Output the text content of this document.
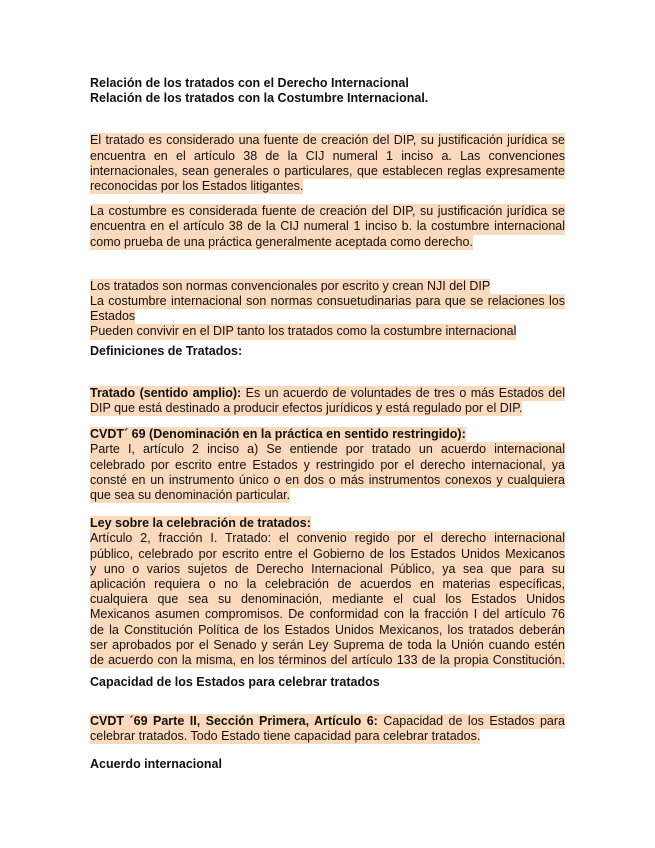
Relación de los tratados con el Derecho Internacional
Relación de los tratados con la Costumbre Internacional.
El tratado es considerado una fuente de creación del DIP, su justificación jurídica se
encuentra en el artículo 38 de la CIJ numeral 1 inciso a. Las convenciones
internacionales, sean generales o particulares, que establecen reglas expresamente
reconocidas por los Estados litigantes.
La costumbre es considerada fuente de creación del DIP, su justificación jurídica se
encuentra en el artículo 38 de la CIJ numeral 1 inciso b. la costumbre internacional
como prueba de una práctica generalmente aceptada como derecho.
Los tratados son normas convencionales por escrito y crean NJI del DIP
La costumbre internacional son normas consuetudinarias para que se relaciones los
Estados Pueden convivir en el DIP tanto los tratados como la costumbre internacional
Definiciones de Tratados:
Tratado (sentido amplio): Es un acuerdo de voluntades de tres o más Estados del
DIP que está destinado a producir efectos jurídicos y está regulado por el DIP.
CVDT´ 69 (Denominación en la práctica en sentido restringido):
Parte I, artículo 2 inciso a) Se entiende por tratado un acuerdo internacional
celebrado por escrito entre Estados y restringido por el derecho internacional, ya
consté en un instrumento único o en dos o más instrumentos conexos y cualquiera
que sea su denominación particular.
Ley sobre la celebración de tratados:
Artículo 2, fracción I. Tratado: el convenio regido por el derecho internacional
público, celebrado por escrito entre el Gobierno de los Estados Unidos Mexicanos
y uno o varios sujetos de Derecho Internacional Público, ya sea que para su
aplicación requiera o no la celebración de acuerdos en materias específicas,
cualquiera que sea su denominación, mediante el cual los Estados Unidos
Mexicanos asumen compromisos. De conformidad con la fracción I del artículo 76
de la Constitución Política de los Estados Unidos Mexicanos, los tratados deberán
ser aprobados por el Senado y serán Ley Suprema de toda la Unión cuando estén
de acuerdo con la misma, en los términos del artículo 133 de la propia Constitución.
Capacidad de los Estados para celebrar tratados
CVDT ´69 Parte II, Sección Primera, Artículo 6: Capacidad de los Estados para
celebrar tratados. Todo Estado tiene capacidad para celebrar tratados.
Acuerdo internacional
